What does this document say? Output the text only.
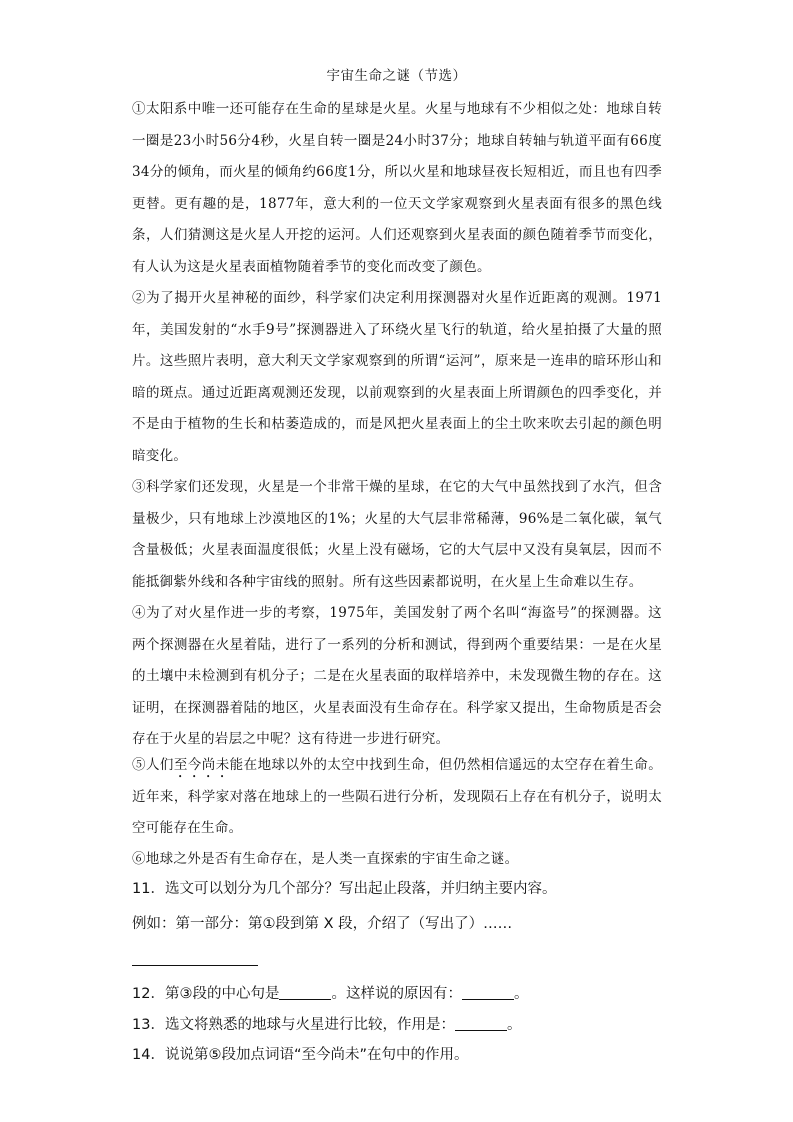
宇宙生命之谜（节选）
①太阳系中唯一还可能存在生命的星球是火星。火星与地球有不少相似之处：地球自转一圈是23小时56分4秒，火星自转一圈是24小时37分；地球自转轴与轨道平面有66度34分的倾角，而火星的倾角约66度1分，所以火星和地球昼夜长短相近，而且也有四季更替。更有趣的是，1877年，意大利的一位天文学家观察到火星表面有很多的黑色线条，人们猜测这是火星人开挖的运河。人们还观察到火星表面的颜色随着季节而变化，有人认为这是火星表面植物随着季节的变化而改变了颜色。
②为了揭开火星神秘的面纱，科学家们决定利用探测器对火星作近距离的观测。1971年，美国发射的“水手9号”探测器进入了环绕火星飞行的轨道，给火星拍摄了大量的照片。这些照片表明，意大利天文学家观察到的所谓“运河”，原来是一连串的暗环形山和暗的斑点。通过近距离观测还发现，以前观察到的火星表面上所谓颜色的四季变化，并不是由于植物的生长和枯萎造成的，而是风把火星表面上的尘土吹来吹去引起的颜色明暗变化。
③科学家们还发现，火星是一个非常干燥的星球，在它的大气中虽然找到了水汽，但含量极少，只有地球上沙漠地区的1%；火星的大气层非常稀薄，96%是二氧化碳，氧气含量极低；火星表面温度很低；火星上没有磁场，它的大气层中又没有臭氧层，因而不能抵御紫外线和各种宇宙线的照射。所有这些因素都说明，在火星上生命难以生存。
④为了对火星作进一步的考察，1975年，美国发射了两个名叫“海盗号”的探测器。这两个探测器在火星着陆，进行了一系列的分析和测试，得到两个重要结果：一是在火星的土壤中未检测到有机分子；二是在火星表面的取样培养中，未发现微生物的存在。这证明，在探测器着陆的地区，火星表面没有生命存在。科学家又提出，生命物质是否会存在于火星的岩层之中呢？这有待进一步进行研究。
⑤人们至今尚未能在地球以外的太空中找到生命，但仍然相信遥远的太空存在着生命。近年来，科学家对落在地球上的一些陨石进行分析，发现陨石上存在有机分子，说明太空可能存在生命。
⑥地球之外是否有生命存在，是人类一直探索的宇宙生命之谜。
11．选文可以划分为几个部分？写出起止段落，并归纳主要内容。
例如：第一部分：第①段到第 X 段，介绍了（写出了）……
12．第③段的中心句是	。这样说的原因有：	。
13．选文将熟悉的地球与火星进行比较，作用是：	。
14．说说第⑤段加点词语“至今尚未”在句中的作用。
